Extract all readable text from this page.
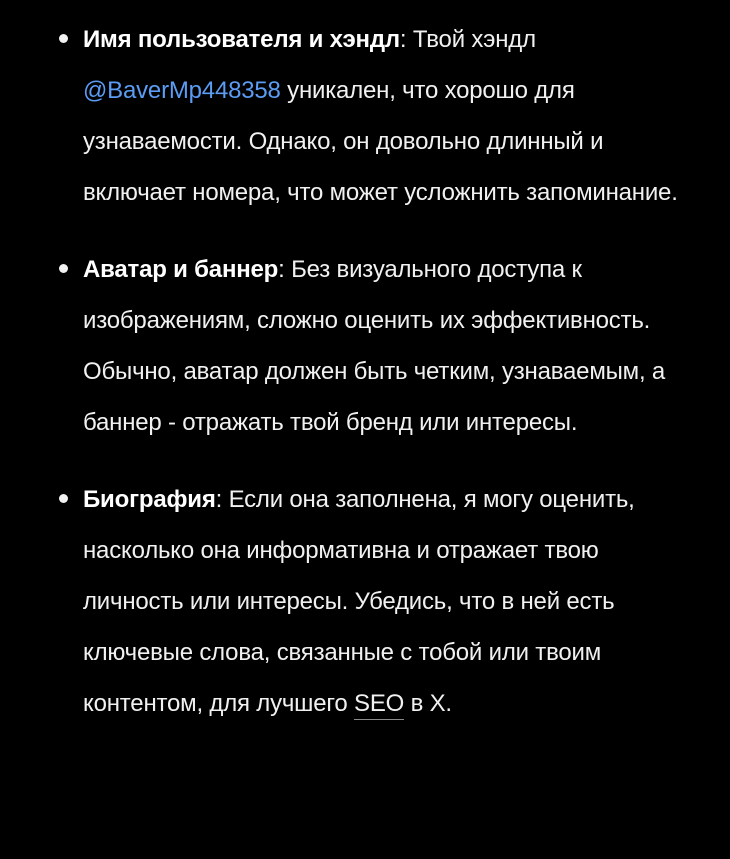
Имя пользователя и хэндл: Твой хэндл @BaverMp448358 уникален, что хорошо для узнаваемости. Однако, он довольно длинный и включает номера, что может усложнить запоминание.
Аватар и баннер: Без визуального доступа к изображениям, сложно оценить их эффективность. Обычно, аватар должен быть четким, узнаваемым, а баннер - отражать твой бренд или интересы.
Биография: Если она заполнена, я могу оценить, насколько она информативна и отражает твою личность или интересы. Убедись, что в ней есть ключевые слова, связанные с тобой или твоим контентом, для лучшего SEO в X.
